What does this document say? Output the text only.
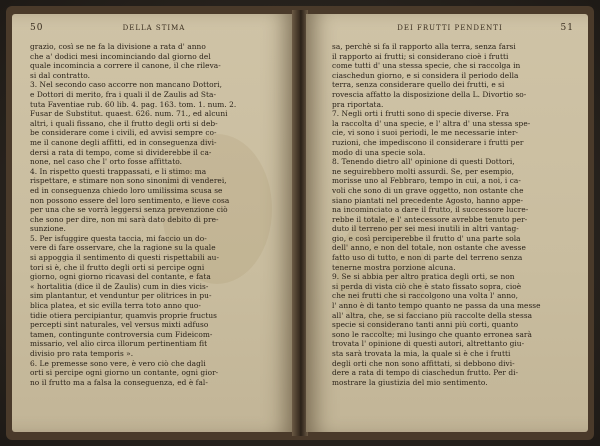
50	DELLA STIMA
grazio, così se ne fa la divisione a rata d' anno
che a' dodici mesi incominciando dal giorno del
quale incomincia a correre il canone, il che rileva-
si dal contratto.
3. Nel secondo caso accorre non mancano Dottori,
e Dottori di merito, fra i quali il de Zaulis ad Sta-
tuta Faventiae rub. 60 lib. 4. pag. 163. tom. 1. num. 2.
Fusar de Substitut. quaest. 626. num. 71., ed alcuni
altri, i quali fissano, che il frutto degli orti si deb-
be considerare come i civili, ed avvisi sempre co-
me il canone degli affitti, ed in conseguenza divi-
dersi a rata di tempo, come si dividerebbe il ca-
none, nel caso che l' orto fosse affittato.
4. In rispetto questi trappassati, e li stimo: ma
rispettare, e stimare non sono sinonimi di venderei,
ed in conseguenza chiedo loro umilissima scusa se
non possono essere del loro sentimento, e lieve cosa
per una che se vorrà leggersi senza prevenzione ciò
che sono per dire, non mi sarà dato debito di pre-
sunzione.
5. Per isfuggire questa taccia, mi faccio un do-
vere di fare osservare, che la ragione su la quale
si appoggia il sentimento di questi rispettabili au-
tori si è, che il frutto degli orti si percipe ogni
giorno, ogni giorno ricavasi del contante, e fata
« hortalitia (dice il de Zaulis) cum in dies vicis-
sim plantantur, et venduntur per olitrices in pu-
blica platea, et sic evilla terra toto anno quo-
tidie otiera percipiantur, quamvis proprie fructus
percepti sint naturales, vel versus mixti adfuso
tamen, contingunte controversia cum Fideicom-
missario, vel alio circa illorum pertinentiam fit
divisio pro rata temporis ».
6. Le premesse sono vere, è vero ciò che dagli
orti si percipe ogni giorno un contante, ogni gior-
no il frutto ma a falsa la conseguenza, ed è fal-
DEI FRUTTI PENDENTI	51
sa, perchè si fa il rapporto alla terra, senza farsi
il rapporto ai frutti; si considerano cioè i frutti
come tutti d' una stessa specie, che si raccolga in
ciaschedun giorno, e si considera il periodo della
terra, senza considerare quello dei frutti, e si
rovescia affatto la disposizione della L. Divortio so-
pra riportata.
7. Negli orti i frutti sono di specie diverse. Fra
la raccolta d' una specie, e l' altra d' una stessa spe-
cie, vi sono i suoi periodi, le me necessarie inter-
ruzioni, che impediscono il considerare i frutti per
modo di una specie sola.
8. Tenendo dietro all' opinione di questi Dottori,
ne seguirebbero molti assurdi. Se, per esempio,
morisse uno al Febbraro, tempo in cui, a noi, i ca-
voli che sono di un grave oggetto, non ostante che
siano piantati nel precedente Agosto, hanno appe-
na incominciato a dare il frutto, il successore lucre-
rebbe il totale, e l' antecessore avrebbe tenuto per-
duto il terreno per sei mesi inutili in altri vantag-
gio, e così perciperebbe il frutto d' una parte sola
dell' anno, e non del totale, non ostante che avesse
fatto uso di tutto, e non di parte del terreno senza
tenerne mostra porzione alcuna.
9. Se si abbia per altro pratica degli orti, se non
si perda di vista ciò che è stato fissato sopra, cioè
che nei frutti che si raccolgono una volta l' anno,
l' anno è di tanto tempo quanto ne passa da una messe
all' altra, che, se si facciano più raccolte della stessa
specie si considerano tanti anni più corti, quanto
sono le raccolte; mi lusingo che quanto erronea sarà
trovata l' opinione di questi autori, altrettanto giu-
sta sarà trovata la mia, la quale si è che i frutti
degli orti che non sono affittati, si debbono divi-
dere a rata di tempo di ciaschedun frutto. Per di-
mostrare la giustizia del mio sentimento.
